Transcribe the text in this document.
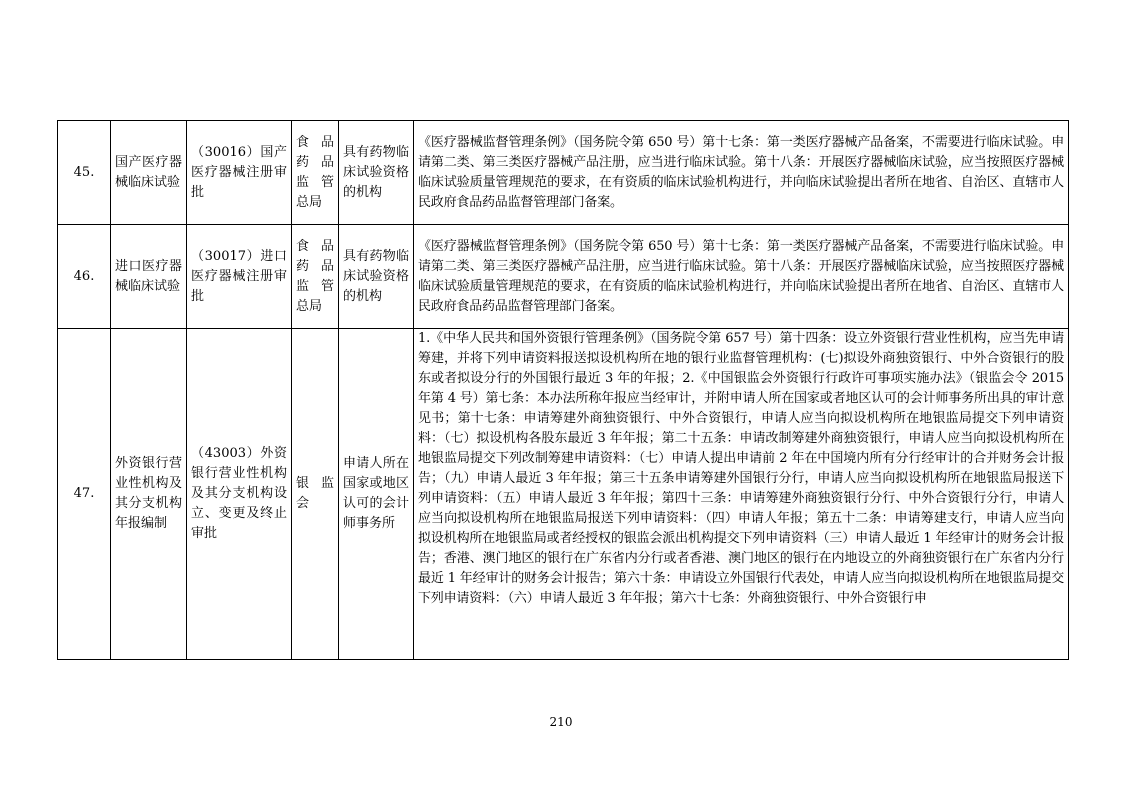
45.	国产医疗器械临床试验	（30016）国产医疗器械注册审批	食品药品监管总局	具有药物临床试验资格的机构	《医疗器械监督管理条例》（国务院令第 650 号）第十七条：第一类医疗器械产品备案，不需要进行临床试验。申请第二类、第三类医疗器械产品注册，应当进行临床试验。第十八条：开展医疗器械临床试验，应当按照医疗器械临床试验质量管理规范的要求，在有资质的临床试验机构进行，并向临床试验提出者所在地省、自治区、直辖市人民政府食品药品监督管理部门备案。
46.	进口医疗器械临床试验	（30017）进口医疗器械注册审批	食品药品监管总局	具有药物临床试验资格的机构	《医疗器械监督管理条例》（国务院令第 650 号）第十七条：第一类医疗器械产品备案，不需要进行临床试验。申请第二类、第三类医疗器械产品注册，应当进行临床试验。第十八条：开展医疗器械临床试验，应当按照医疗器械临床试验质量管理规范的要求，在有资质的临床试验机构进行，并向临床试验提出者所在地省、自治区、直辖市人民政府食品药品监督管理部门备案。
47.	外资银行营业性机构及其分支机构年报编制	（43003）外资银行营业性机构及其分支机构设立、变更及终止审批	银监会	申请人所在国家或地区认可的会计师事务所	1.《中华人民共和国外资银行管理条例》（国务院令第 657 号）第十四条：设立外资银行营业性机构，应当先申请筹建，并将下列申请资料报送拟设机构所在地的银行业监督管理机构：(七)拟设外商独资银行、中外合资银行的股东或者拟设分行的外国银行最近 3 年的年报；2.《中国银监会外资银行行政许可事项实施办法》（银监会令 2015 年第 4 号）第七条：本办法所称年报应当经审计，并附申请人所在国家或者地区认可的会计师事务所出具的审计意见书；第十七条：申请筹建外商独资银行、中外合资银行，申请人应当向拟设机构所在地银监局提交下列申请资料：（七）拟设机构各股东最近 3 年年报；第二十五条：申请改制筹建外商独资银行，申请人应当向拟设机构所在地银监局提交下列改制筹建申请资料：（七）申请人提出申请前 2 年在中国境内所有分行经审计的合并财务会计报告；（九）申请人最近 3 年年报；第三十五条申请筹建外国银行分行，申请人应当向拟设机构所在地银监局报送下列申请资料：（五）申请人最近 3 年年报；第四十三条：申请筹建外商独资银行分行、中外合资银行分行，申请人应当向拟设机构所在地银监局报送下列申请资料：（四）申请人年报；第五十二条：申请筹建支行，申请人应当向拟设机构所在地银监局或者经授权的银监会派出机构提交下列申请资料（三）申请人最近 1 年经审计的财务会计报告；香港、澳门地区的银行在广东省内分行或者香港、澳门地区的银行在内地设立的外商独资银行在广东省内分行最近 1 年经审计的财务会计报告；第六十条：申请设立外国银行代表处，申请人应当向拟设机构所在地银监局提交下列申请资料：（六）申请人最近 3 年年报；第六十七条：外商独资银行、中外合资银行申
210
